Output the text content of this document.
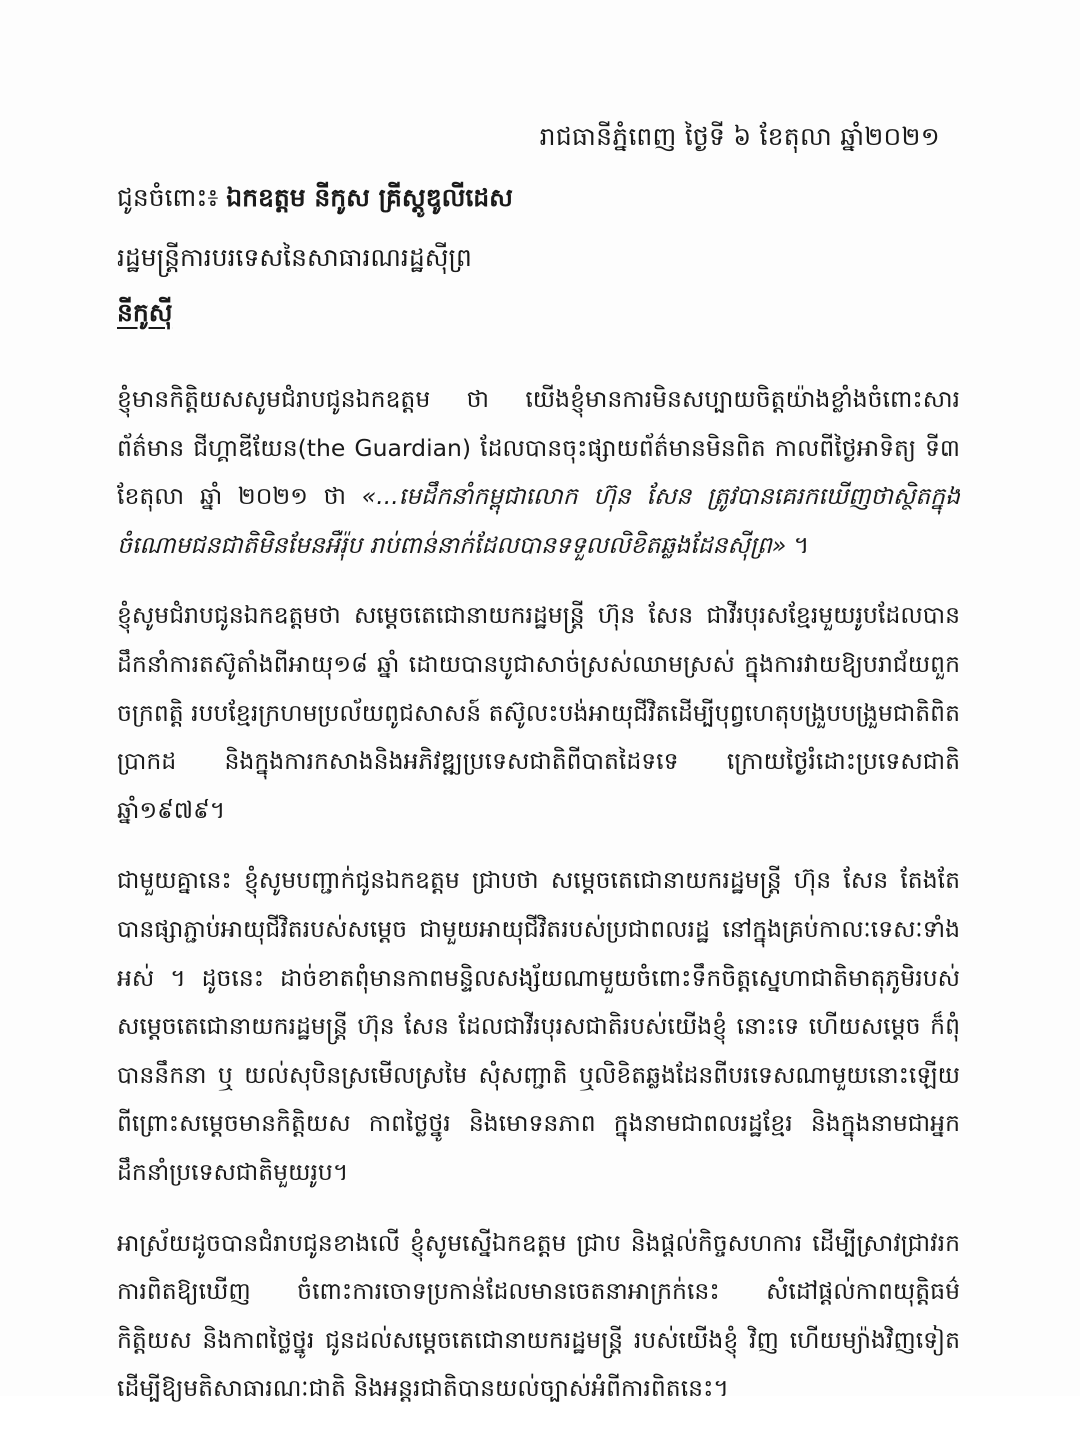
រាជធានីភ្នំពេញ ថ្ងៃទី ៦ ខែតុលា ឆ្នាំ២០២១
ជូនចំពោះ៖ ឯកឧត្តម នីកូស គ្រីស្តូឌូលីដេស
រដ្ឋមន្ត្រីការបរទេសនៃសាធារណរដ្ឋស៊ីព្រ
នីកូស៊ី

ខ្ញុំមានកិត្តិយសសូមជំរាបជូនឯកឧត្តម ថា យើងខ្ញុំមានការមិនសប្បាយចិត្តយ៉ាងខ្លាំងចំពោះសារព័ត៌មាន ជីហ្គាឌីយែន(the Guardian) ដែលបានចុះផ្សាយព័ត៌មានមិនពិត កាលពីថ្ងៃអាទិត្យ ទី៣ ខែតុលា ឆ្នាំ ២០២១ ថា «...មេដឹកនាំកម្ពុជាលោក ហ៊ុន សែន ត្រូវបានគេរកឃើញថាស្ថិតក្នុងចំណោមជនជាតិមិនមែនអឺរ៉ុប រាប់ពាន់នាក់ដែលបានទទួលលិខិតឆ្លងដែនស៊ីព្រ» ។

ខ្ញុំសូមជំរាបជូនឯកឧត្តមថា សម្តេចតេជោនាយករដ្ឋមន្ត្រី ហ៊ុន សែន ជាវីរបុរសខ្មែរមួយរូបដែលបានដឹកនាំការតស៊ូតាំងពីអាយុ១៨ ឆ្នាំ ដោយបានបូជាសាច់ស្រស់ឈាមស្រស់ ក្នុងការវាយឱ្យបរាជ័យពួកចក្រពត្តិ របបខ្មែរក្រហមប្រល័យពូជសាសន៍ តស៊ូលះបង់អាយុជីវិតដើម្បីបុព្វហេតុបង្រួបបង្រួមជាតិពិតប្រាកដ និងក្នុងការកសាងនិងអភិវឌ្ឍប្រទេសជាតិពីបាតដៃទទេ ក្រោយថ្ងៃរំដោះប្រទេសជាតិឆ្នាំ១៩៧៩។

ជាមួយគ្នានេះ ខ្ញុំសូមបញ្ជាក់ជូនឯកឧត្តម ជ្រាបថា សម្តេចតេជោនាយករដ្ឋមន្ត្រី ហ៊ុន សែន តែងតែបានផ្សាភ្ជាប់អាយុជីវិតរបស់សម្តេច ជាមួយអាយុជីវិតរបស់ប្រជាពលរដ្ឋ នៅក្នុងគ្រប់កាលៈទេសៈទាំងអស់ ។ ដូចនេះ ដាច់ខាតពុំមានកាពមន្ទិលសង្ស័យណាមួយចំពោះទឹកចិត្តស្នេហាជាតិមាតុភូមិរបស់ សម្តេចតេជោនាយករដ្ឋមន្ត្រី ហ៊ុន សែន ដែលជាវីរបុរសជាតិរបស់យើងខ្ញុំ នោះទេ ហើយសម្តេច ក៏ពុំបាននឹកនា ឬ យល់សុបិនស្រមើលស្រមៃ សុំសញ្ជាតិ ឬលិខិតឆ្លងដែនពីបរទេសណាមួយនោះឡើយ ពីព្រោះសម្តេចមានកិត្តិយស កាពថ្លៃថ្នូរ និងមោទនភាព ក្នុងនាមជាពលរដ្ឋខ្មែរ និងក្នុងនាមជាអ្នកដឹកនាំប្រទេសជាតិមួយរូប។

អាស្រ័យដូចបានជំរាបជូនខាងលើ ខ្ញុំសូមស្នើឯកឧត្តម ជ្រាប និងផ្តល់កិច្ចសហការ ដើម្បីស្រាវជ្រាវរកការពិតឱ្យឃើញ ចំពោះការចោទប្រកាន់ដែលមានចេតនាអាក្រក់នេះ សំដៅផ្តល់កាពយុត្តិធម៌ កិត្តិយស និងកាពថ្លៃថ្នូរ ជូនដល់សម្តេចតេជោនាយករដ្ឋមន្ត្រី របស់យើងខ្ញុំ វិញ ហើយម្យ៉ាងវិញទៀត ដើម្បីឱ្យមតិសាធារណៈជាតិ និងអន្តរជាតិបានយល់ច្បាស់អំពីការពិតនេះ។
